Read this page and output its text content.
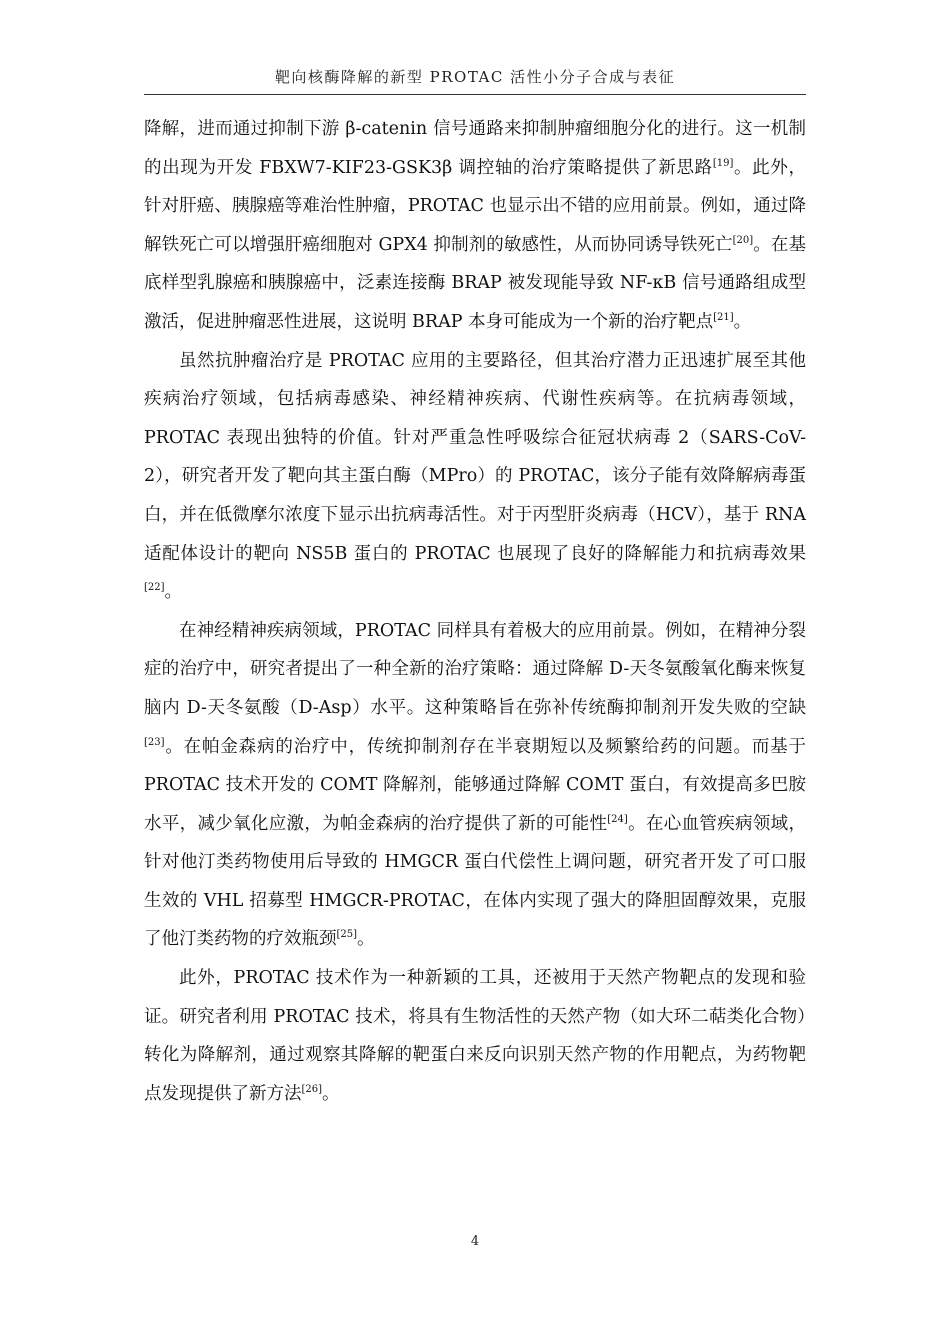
靶向核酶降解的新型 PROTAC 活性小分子合成与表征

降解，进而通过抑制下游 β-catenin 信号通路来抑制肿瘤细胞分化的进行。这一机制的出现为开发 FBXW7-KIF23-GSK3β 调控轴的治疗策略提供了新思路[19]。此外，针对肝癌、胰腺癌等难治性肿瘤，PROTAC 也显示出不错的应用前景。例如，通过降解铁死亡可以增强肝癌细胞对 GPX4 抑制剂的敏感性，从而协同诱导铁死亡[20]。在基底样型乳腺癌和胰腺癌中，泛素连接酶 BRAP 被发现能导致 NF-κB 信号通路组成型激活，促进肿瘤恶性进展，这说明 BRAP 本身可能成为一个新的治疗靶点[21]。

虽然抗肿瘤治疗是 PROTAC 应用的主要路径，但其治疗潜力正迅速扩展至其他疾病治疗领域，包括病毒感染、神经精神疾病、代谢性疾病等。在抗病毒领域，PROTAC 表现出独特的价值。针对严重急性呼吸综合征冠状病毒 2（SARS-CoV-2），研究者开发了靶向其主蛋白酶（MPro）的 PROTAC，该分子能有效降解病毒蛋白，并在低微摩尔浓度下显示出抗病毒活性。对于丙型肝炎病毒（HCV），基于 RNA 适配体设计的靶向 NS5B 蛋白的 PROTAC 也展现了良好的降解能力和抗病毒效果[22]。

在神经精神疾病领域，PROTAC 同样具有着极大的应用前景。例如，在精神分裂症的治疗中，研究者提出了一种全新的治疗策略：通过降解 D-天冬氨酸氧化酶来恢复脑内 D-天冬氨酸（D-Asp）水平。这种策略旨在弥补传统酶抑制剂开发失败的空缺[23]。在帕金森病的治疗中，传统抑制剂存在半衰期短以及频繁给药的问题。而基于 PROTAC 技术开发的 COMT 降解剂，能够通过降解 COMT 蛋白，有效提高多巴胺水平，减少氧化应激，为帕金森病的治疗提供了新的可能性[24]。在心血管疾病领域，针对他汀类药物使用后导致的 HMGCR 蛋白代偿性上调问题，研究者开发了可口服生效的 VHL 招募型 HMGCR-PROTAC，在体内实现了强大的降胆固醇效果，克服了他汀类药物的疗效瓶颈[25]。

此外，PROTAC 技术作为一种新颖的工具，还被用于天然产物靶点的发现和验证。研究者利用 PROTAC 技术，将具有生物活性的天然产物（如大环二萜类化合物）转化为降解剂，通过观察其降解的靶蛋白来反向识别天然产物的作用靶点，为药物靶点发现提供了新方法[26]。

4
